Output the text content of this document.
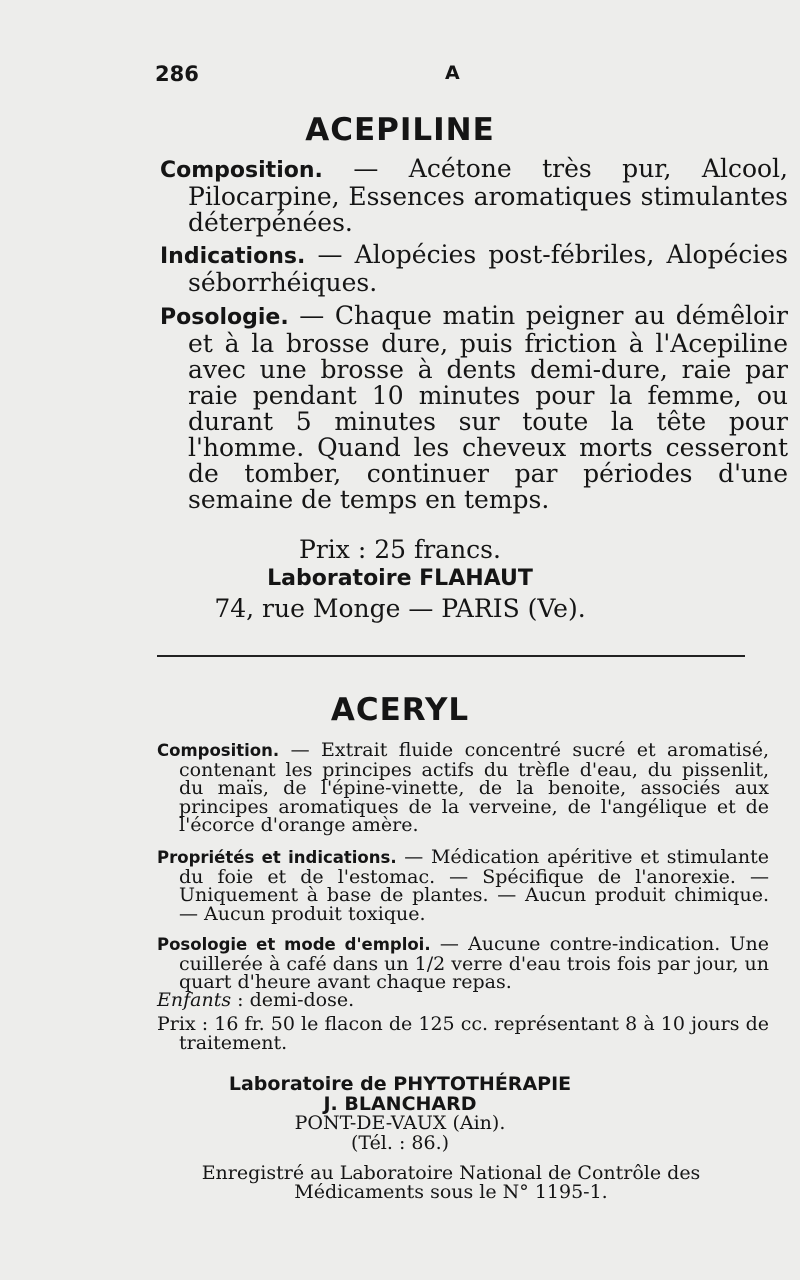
286	A
ACEPILINE
Composition. — Acétone très pur, Alcool, Pilocarpine, Essences aromatiques stimulantes déterpénées.
Indications. — Alopécies post-fébriles, Alopécies séborrhéiques.
Posologie. — Chaque matin peigner au démêloir et à la brosse dure, puis friction à l'Acepiline avec une brosse à dents demi-dure, raie par raie pendant 10 minutes pour la femme, ou durant 5 minutes sur toute la tête pour l'homme. Quand les cheveux morts cesseront de tomber, continuer par périodes d'une semaine de temps en temps.
Prix : 25 francs.
Laboratoire FLAHAUT
74, rue Monge — PARIS (Ve).
ACERYL
Composition. — Extrait fluide concentré sucré et aromatisé, contenant les principes actifs du trèfle d'eau, du pissenlit, du maïs, de l'épine-vinette, de la benoite, associés aux principes aromatiques de la verveine, de l'angélique et de l'écorce d'orange amère.
Propriétés et indications. — Médication apéritive et stimulante du foie et de l'estomac. — Spécifique de l'anorexie. — Uniquement à base de plantes. — Aucun produit chimique. — Aucun produit toxique.
Posologie et mode d'emploi. — Aucune contre-indication. Une cuillerée à café dans un 1/2 verre d'eau trois fois par jour, un quart d'heure avant chaque repas.
Enfants : demi-dose.
Prix : 16 fr. 50 le flacon de 125 cc. représentant 8 à 10 jours de traitement.
Laboratoire de PHYTOTHÉRAPIE
J. BLANCHARD
PONT-DE-VAUX (Ain).
(Tél. : 86.)
Enregistré au Laboratoire National de Contrôle des Médicaments sous le N° 1195-1.
